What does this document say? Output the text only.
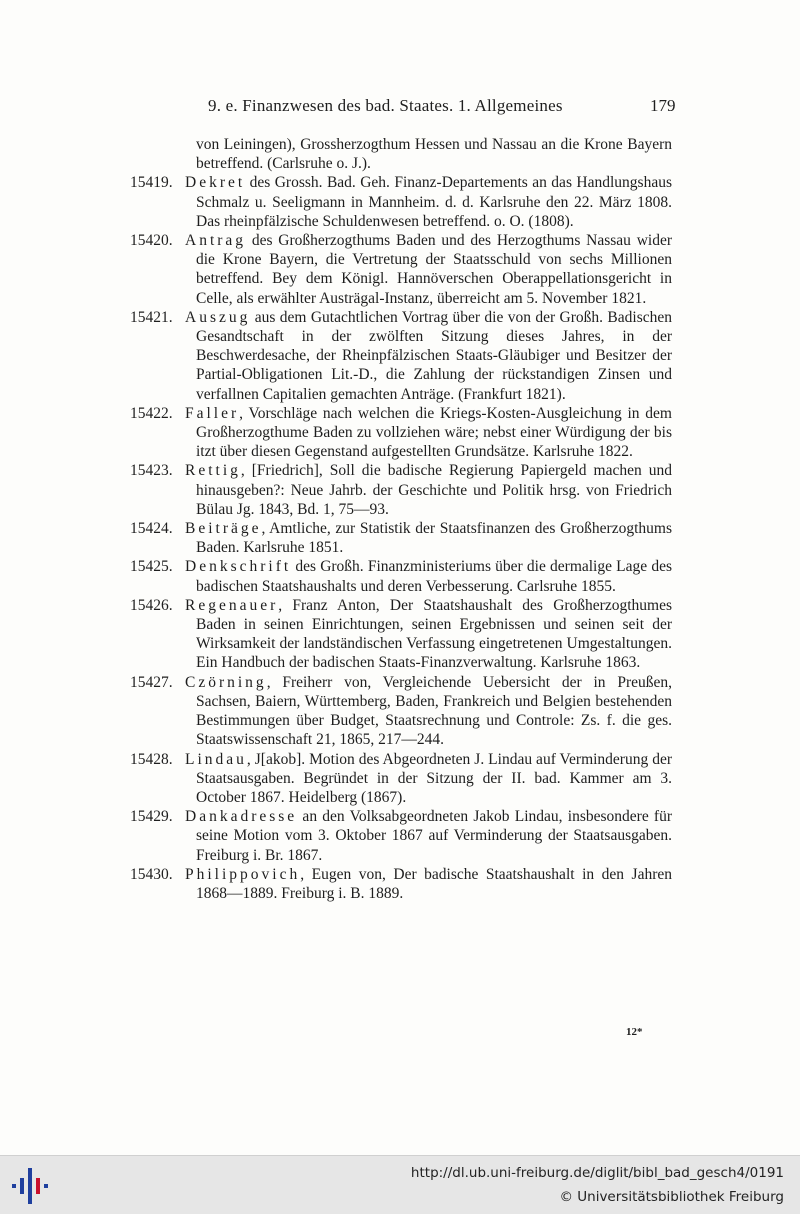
9. e. Finanzwesen des bad. Staates. 1. Allgemeines	179
von Leiningen), Grossherzogthum Hessen und Nassau an die Krone Bayern betreffend. (Carlsruhe o. J.).
15419. Dekret des Grossh. Bad. Geh. Finanz-Departements an das Handlungshaus Schmalz u. Seeligmann in Mannheim. d. d. Karlsruhe den 22. März 1808. Das rheinpfälzische Schuldenwesen betreffend. o. O. (1808).
15420. Antrag des Großherzogthums Baden und des Herzogthums Nassau wider die Krone Bayern, die Vertretung der Staatsschuld von sechs Millionen betreffend. Bey dem Königl. Hannöverschen Oberappellationsgericht in Celle, als erwählter Austrägal-Instanz, überreicht am 5. November 1821.
15421. Auszug aus dem Gutachtlichen Vortrag über die von der Großh. Badischen Gesandtschaft in der zwölften Sitzung dieses Jahres, in der Beschwerdesache, der Rheinpfälzischen Staats-Gläubiger und Besitzer der Partial-Obligationen Lit.-D., die Zahlung der rückstandigen Zinsen und verfallnen Capitalien gemachten Anträge. (Frankfurt 1821).
15422. Faller, Vorschläge nach welchen die Kriegs-Kosten-Ausgleichung in dem Großherzogthume Baden zu vollziehen wäre; nebst einer Würdigung der bis itzt über diesen Gegenstand aufgestellten Grundsätze. Karlsruhe 1822.
15423. Rettig, [Friedrich], Soll die badische Regierung Papiergeld machen und hinausgeben?: Neue Jahrb. der Geschichte und Politik hrsg. von Friedrich Bülau Jg. 1843, Bd. 1, 75—93.
15424. Beiträge, Amtliche, zur Statistik der Staatsfinanzen des Großherzogthums Baden. Karlsruhe 1851.
15425. Denkschrift des Großh. Finanzministeriums über die dermalige Lage des badischen Staatshaushalts und deren Verbesserung. Carlsruhe 1855.
15426. Regenauer, Franz Anton, Der Staatshaushalt des Großherzogthumes Baden in seinen Einrichtungen, seinen Ergebnissen und seinen seit der Wirksamkeit der landständischen Verfassung eingetretenen Umgestaltungen. Ein Handbuch der badischen Staats-Finanzverwaltung. Karlsruhe 1863.
15427. Czörning, Freiherr von, Vergleichende Uebersicht der in Preußen, Sachsen, Baiern, Württemberg, Baden, Frankreich und Belgien bestehenden Bestimmungen über Budget, Staatsrechnung und Controle: Zs. f. die ges. Staatswissenschaft 21, 1865, 217—244.
15428. Lindau, J[akob]. Motion des Abgeordneten J. Lindau auf Verminderung der Staatsausgaben. Begründet in der Sitzung der II. bad. Kammer am 3. October 1867. Heidelberg (1867).
15429. Dankadresse an den Volksabgeordneten Jakob Lindau, insbesondere für seine Motion vom 3. Oktober 1867 auf Verminderung der Staatsausgaben. Freiburg i. Br. 1867.
15430. Philippovich, Eugen von, Der badische Staatshaushalt in den Jahren 1868—1889. Freiburg i. B. 1889.
12*
http://dl.ub.uni-freiburg.de/diglit/bibl_bad_gesch4/0191
© Universitätsbibliothek Freiburg
